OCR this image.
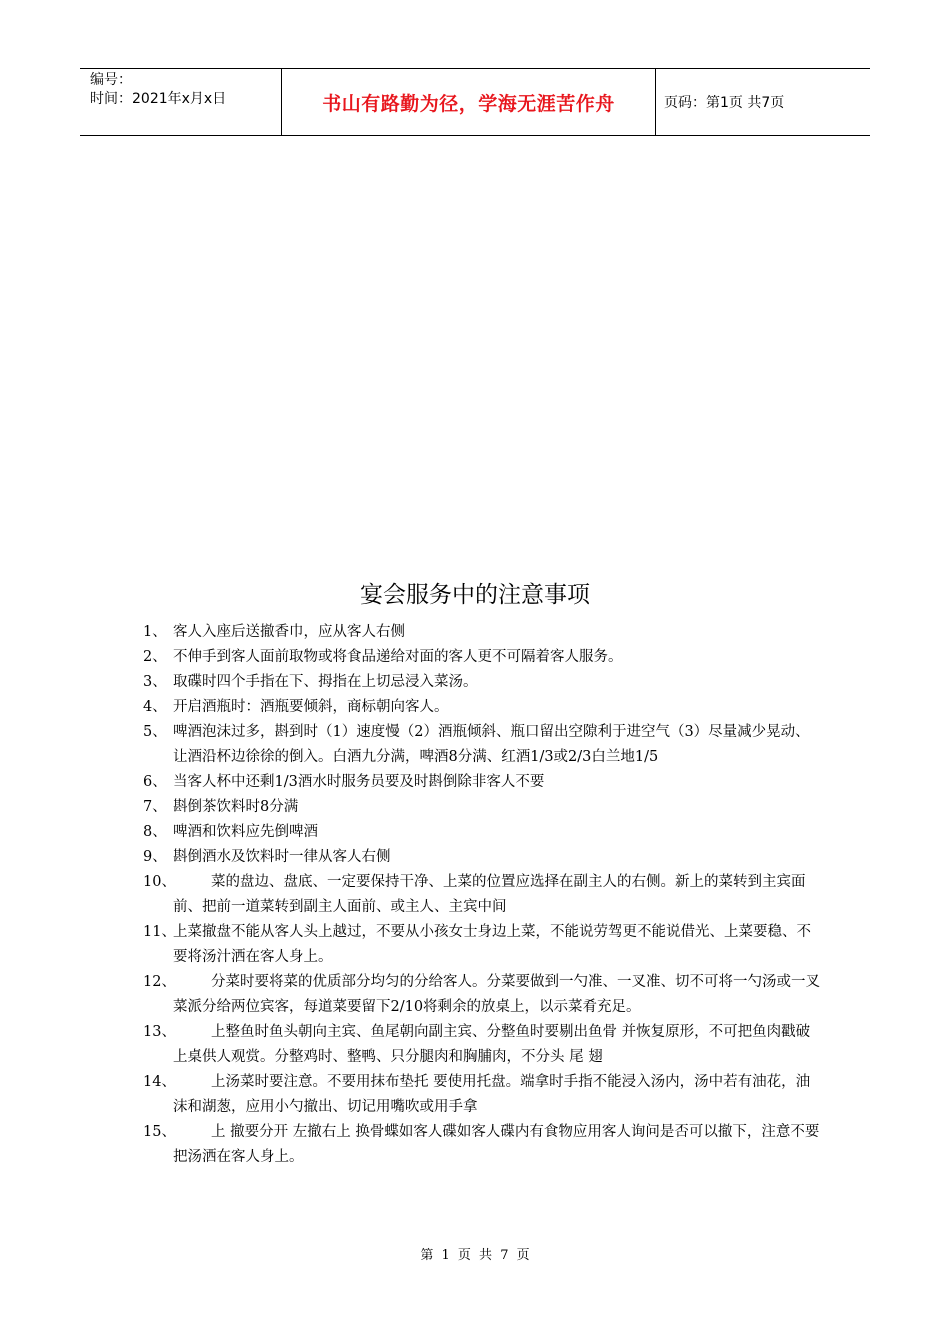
编号：
时间：2021年x月x日	书山有路勤为径，学海无涯苦作舟	页码：第1页 共7页
宴会服务中的注意事项
1、 客人入座后送撤香巾，应从客人右侧
2、 不伸手到客人面前取物或将食品递给对面的客人更不可隔着客人服务。
3、 取碟时四个手指在下、拇指在上切忌浸入菜汤。
4、 开启酒瓶时：酒瓶要倾斜，商标朝向客人。
5、 啤酒泡沫过多，斟到时（1）速度慢（2）酒瓶倾斜、瓶口留出空隙利于进空气（3）尽量减少晃动、让酒沿杯边徐徐的倒入。白酒九分满，啤酒8分满、红酒1/3或2/3白兰地1/5
6、 当客人杯中还剩1/3酒水时服务员要及时斟倒除非客人不要
7、 斟倒茶饮料时8分满
8、 啤酒和饮料应先倒啤酒
9、 斟倒酒水及饮料时一律从客人右侧
10、	菜的盘边、盘底、一定要保持干净、上菜的位置应选择在副主人的右侧。新上的菜转到主宾面前、把前一道菜转到副主人面前、或主人、主宾中间
11、
上菜撤盘不能从客人头上越过，不要从小孩女士身边上菜，不能说劳驾更不能说借光、上菜要稳、不要将汤汁洒在客人身上。
12、	分菜时要将菜的优质部分均匀的分给客人。分菜要做到一勺准、一叉准、切不可将一勺汤或一叉菜派分给两位宾客，每道菜要留下2/10将剩余的放桌上，以示菜肴充足。
13、	上整鱼时鱼头朝向主宾、鱼尾朝向副主宾、分整鱼时要剔出鱼骨 并恢复原形，不可把鱼肉戳破上桌供人观赏。分整鸡时、整鸭、只分腿肉和胸脯肉，不分头 尾 翅
14、	上汤菜时要注意。不要用抹布垫托 要使用托盘。端拿时手指不能浸入汤内，汤中若有油花，油沫和湖葱，应用小勺撤出、切记用嘴吹或用手拿
15、	上 撤要分开 左撤右上 换骨蝶如客人碟如客人碟内有食物应用客人询问是否可以撤下，注意不要把汤洒在客人身上。
第 1 页 共 7 页
